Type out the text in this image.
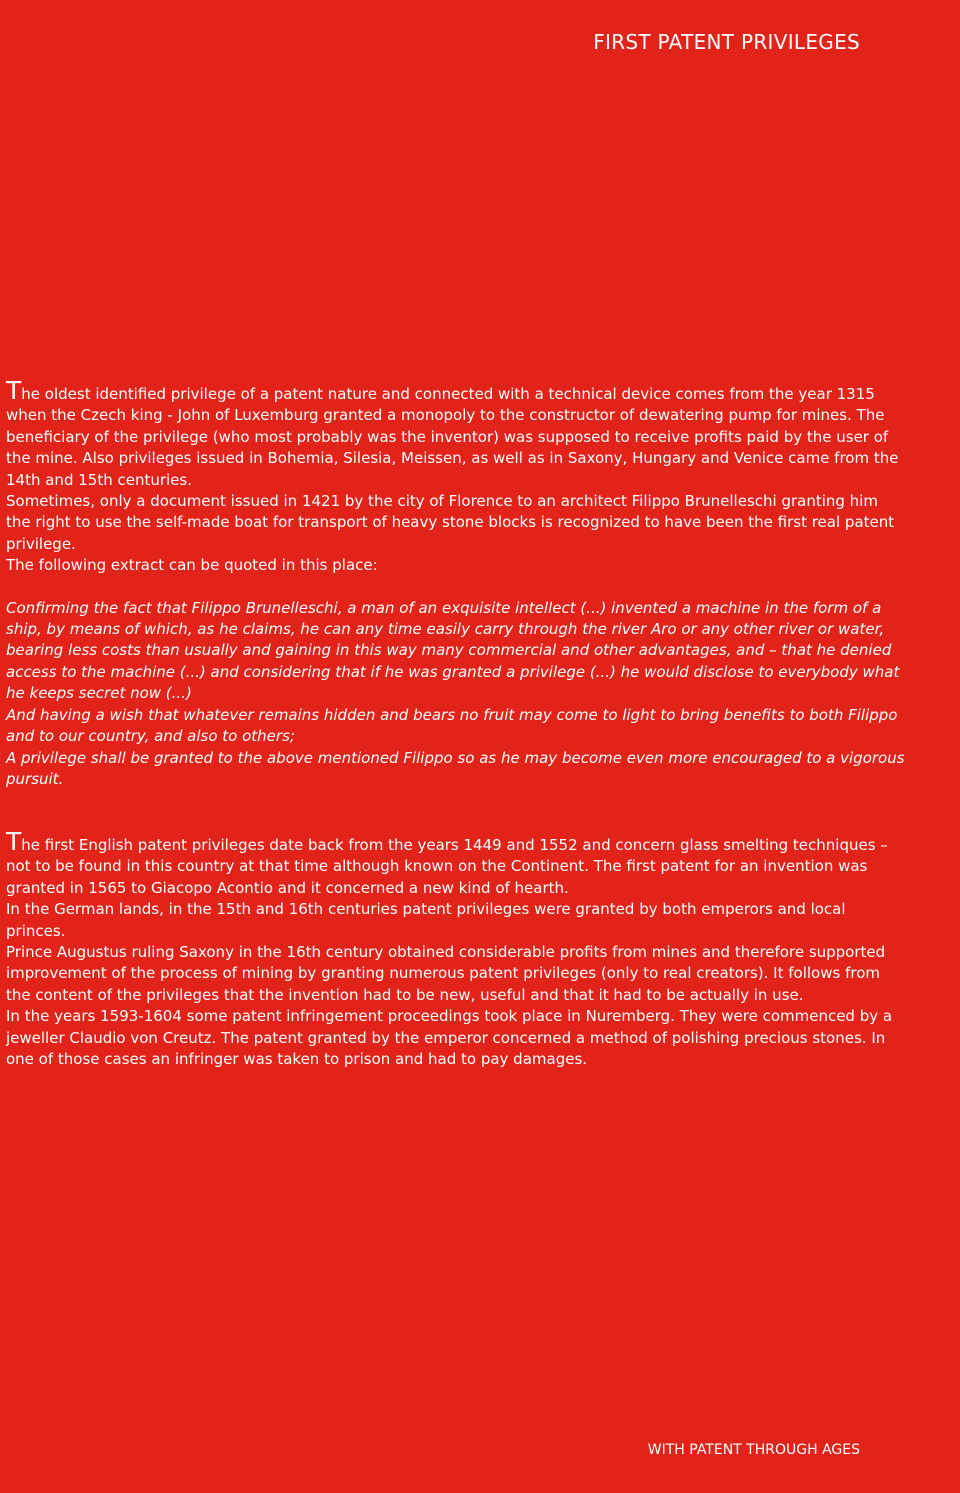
FIRST PATENT PRIVILEGES

The oldest identified privilege of a patent nature and connected with a technical device comes from the year 1315 when the Czech king - John of Luxemburg granted a monopoly to the constructor of dewatering pump for mines. The beneficiary of the privilege (who most probably was the inventor) was supposed to receive profits paid by the user of the mine. Also privileges issued in Bohemia, Silesia, Meissen, as well as in Saxony, Hungary and Venice came from the 14th and 15th centuries.

Sometimes, only a document issued in 1421 by the city of Florence to an architect Filippo Brunelleschi granting him the right to use the self-made boat for transport of heavy stone blocks is recognized to have been the first real patent privilege.

The following extract can be quoted in this place:

Confirming the fact that Filippo Brunelleschi, a man of an exquisite intellect (...) invented a machine in the form of a ship, by means of which, as he claims, he can any time easily carry through the river Aro or any other river or water, bearing less costs than usually and gaining in this way many commercial and other advantages, and – that he denied access to the machine (...) and considering that if he was granted a privilege (...) he would disclose to everybody what he keeps secret now (...)

And having a wish that whatever remains hidden and bears no fruit may come to light to bring benefits to both Filippo and to our country, and also to others;

A privilege shall be granted to the above mentioned Filippo so as he may become even more encouraged to a vigorous pursuit.

The first English patent privileges date back from the years 1449 and 1552 and concern glass smelting techniques – not to be found in this country at that time although known on the Continent. The first patent for an invention was granted in 1565 to Giacopo Acontio and it concerned a new kind of hearth.

In the German lands, in the 15th and 16th centuries patent privileges were granted by both emperors and local princes.

Prince Augustus ruling Saxony in the 16th century obtained considerable profits from mines and therefore supported improvement of the process of mining by granting numerous patent privileges (only to real creators). It follows from the content of the privileges that the invention had to be new, useful and that it had to be actually in use.

In the years 1593-1604 some patent infringement proceedings took place in Nuremberg. They were commenced by a jeweller Claudio von Creutz. The patent granted by the emperor concerned a method of polishing precious stones. In one of those cases an infringer was taken to prison and had to pay damages.

WITH PATENT THROUGH AGES
